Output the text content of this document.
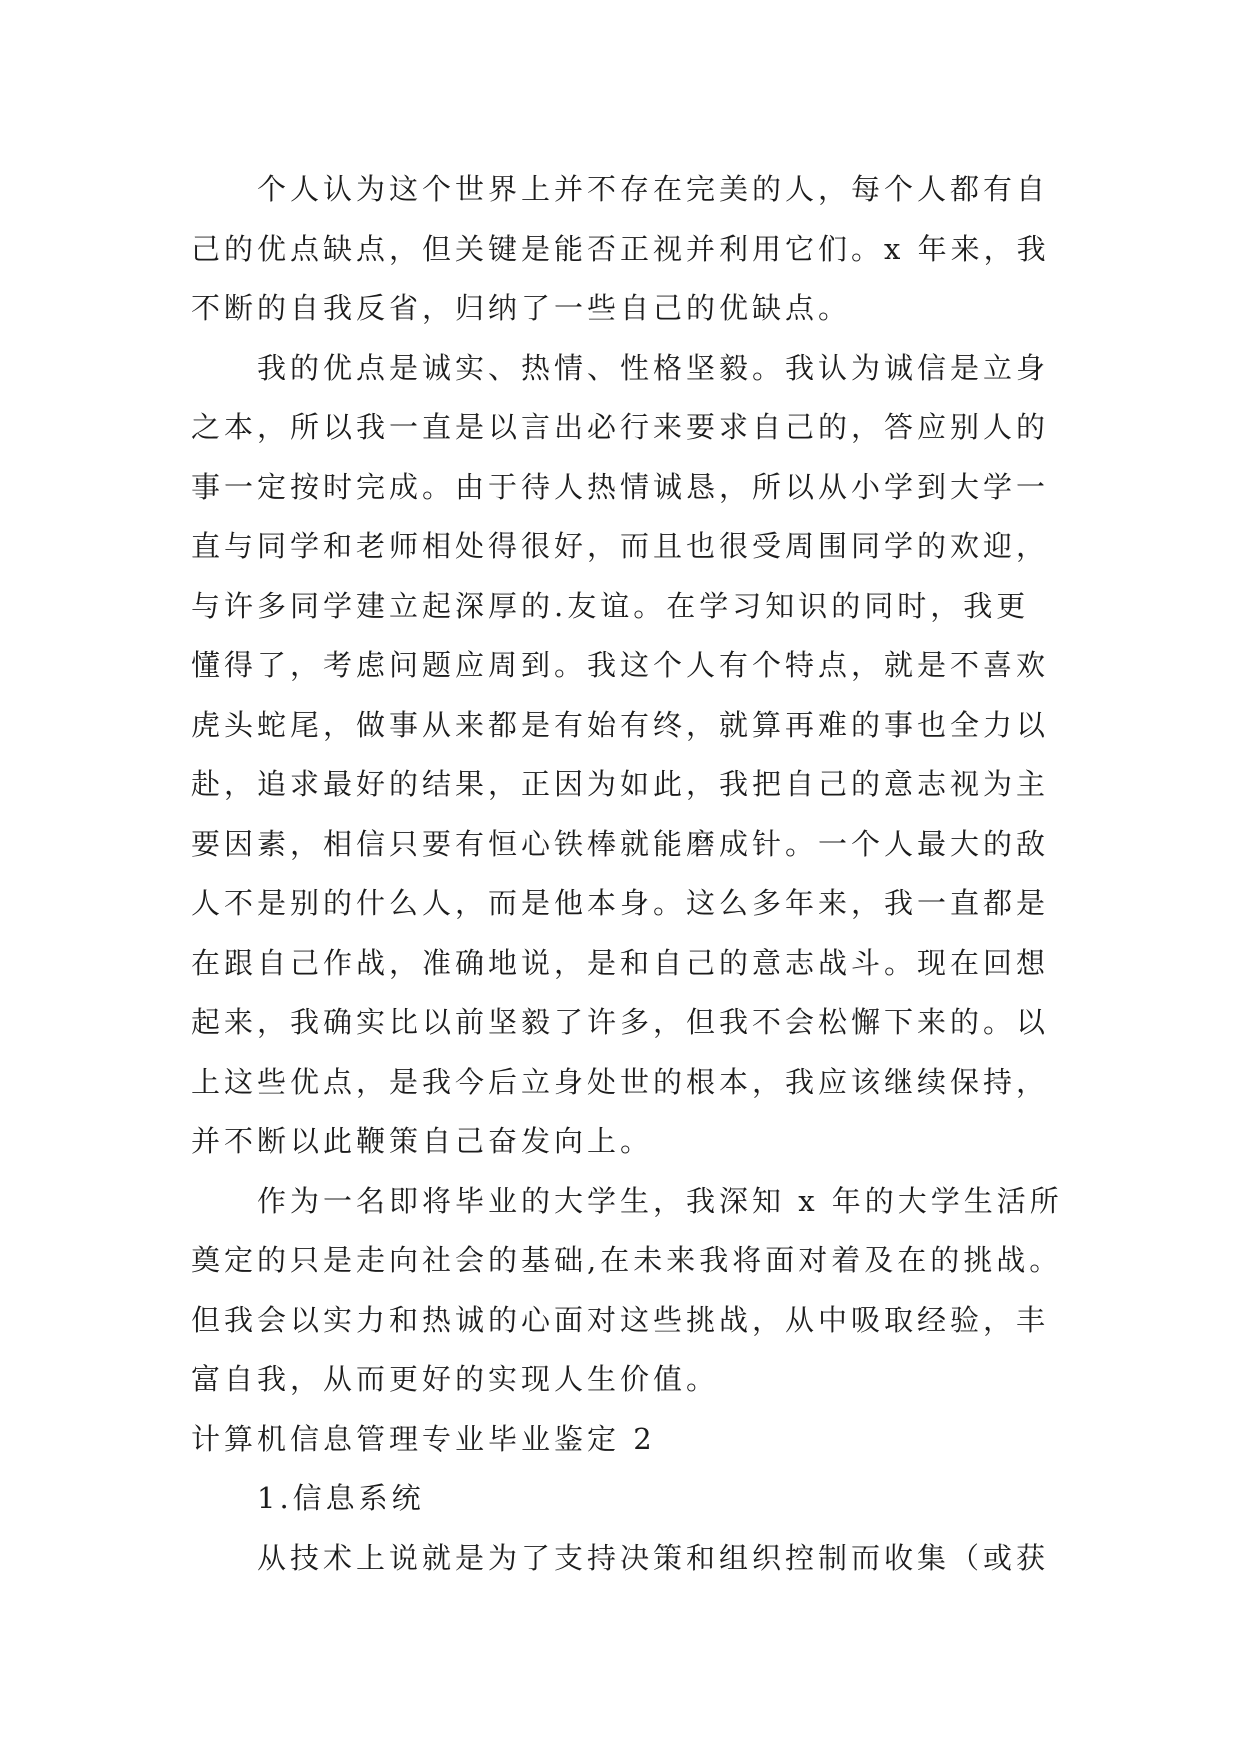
个人认为这个世界上并不存在完美的人，每个人都有自
己的优点缺点，但关键是能否正视并利用它们。x 年来，我
不断的自我反省，归纳了一些自己的优缺点。
我的优点是诚实、热情、性格坚毅。我认为诚信是立身
之本，所以我一直是以言出必行来要求自己的，答应别人的
事一定按时完成。由于待人热情诚恳，所以从小学到大学一
直与同学和老师相处得很好，而且也很受周围同学的欢迎，
与许多同学建立起深厚的.友谊。在学习知识的同时，我更
懂得了，考虑问题应周到。我这个人有个特点，就是不喜欢
虎头蛇尾，做事从来都是有始有终，就算再难的事也全力以
赴，追求最好的结果，正因为如此，我把自己的意志视为主
要因素，相信只要有恒心铁棒就能磨成针。一个人最大的敌
人不是别的什么人，而是他本身。这么多年来，我一直都是
在跟自己作战，准确地说，是和自己的意志战斗。现在回想
起来，我确实比以前坚毅了许多，但我不会松懈下来的。以
上这些优点，是我今后立身处世的根本，我应该继续保持，
并不断以此鞭策自己奋发向上。
作为一名即将毕业的大学生，我深知 x 年的大学生活所
奠定的只是走向社会的基础,在未来我将面对着及在的挑战。
但我会以实力和热诚的心面对这些挑战，从中吸取经验，丰
富自我，从而更好的实现人生价值。
计算机信息管理专业毕业鉴定 2
1.信息系统
从技术上说就是为了支持决策和组织控制而收集（或获
